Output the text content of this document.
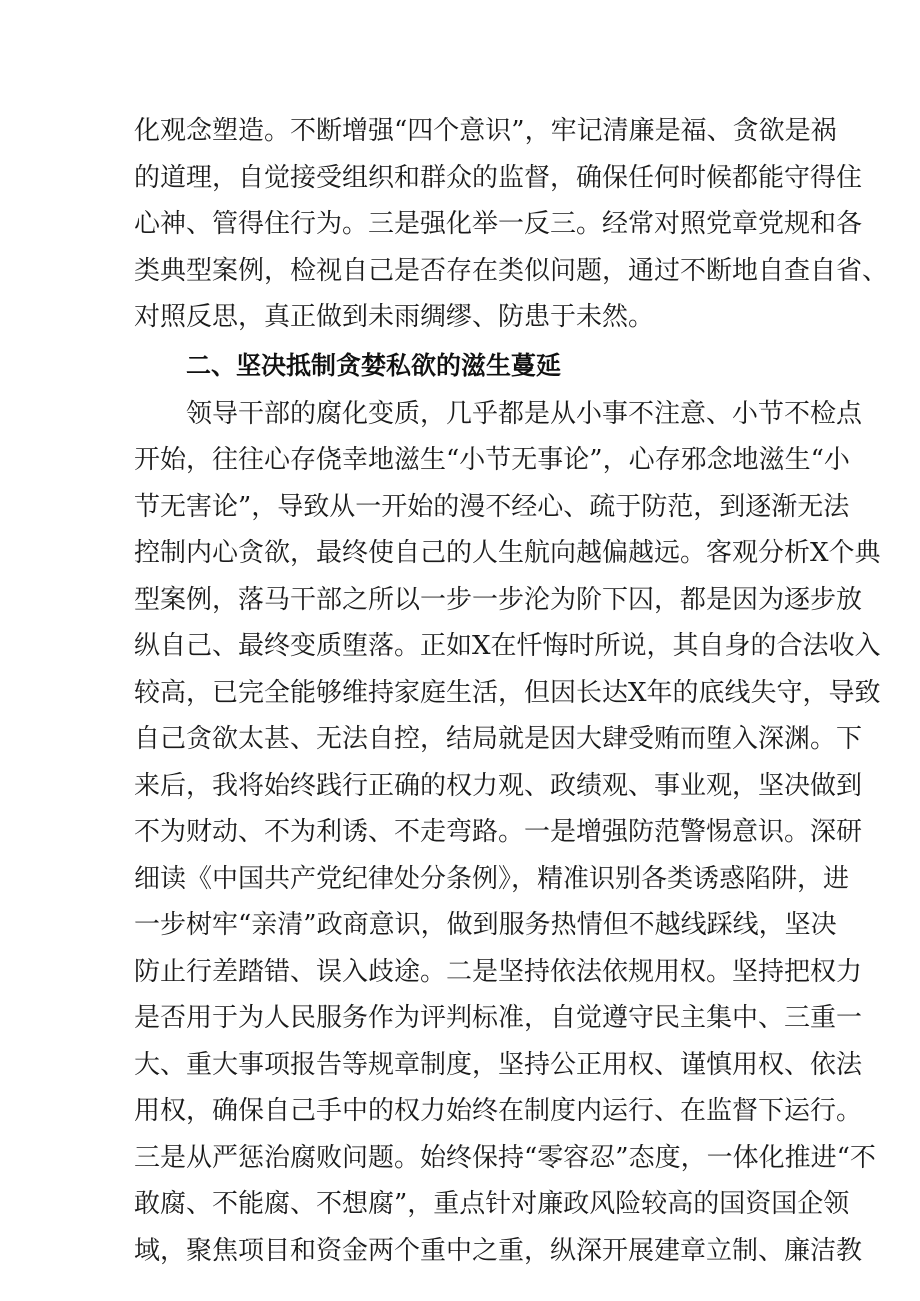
化观念塑造。不断增强“四个意识”，牢记清廉是福、贪欲是祸
的道理，自觉接受组织和群众的监督，确保任何时候都能守得住
心神、管得住行为。三是强化举一反三。经常对照党章党规和各
类典型案例，检视自己是否存在类似问题，通过不断地自查自省、
对照反思，真正做到未雨绸缪、防患于未然。
二、坚决抵制贪婪私欲的滋生蔓延
领导干部的腐化变质，几乎都是从小事不注意、小节不检点
开始，往往心存侥幸地滋生“小节无事论”，心存邪念地滋生“小
节无害论”，导致从一开始的漫不经心、疏于防范，到逐渐无法
控制内心贪欲，最终使自己的人生航向越偏越远。客观分析X个典
型案例，落马干部之所以一步一步沦为阶下囚，都是因为逐步放
纵自己、最终变质堕落。正如X在忏悔时所说，其自身的合法收入
较高，已完全能够维持家庭生活，但因长达X年的底线失守，导致
自己贪欲太甚、无法自控，结局就是因大肆受贿而堕入深渊。下
来后，我将始终践行正确的权力观、政绩观、事业观，坚决做到
不为财动、不为利诱、不走弯路。一是增强防范警惕意识。深研
细读《中国共产党纪律处分条例》，精准识别各类诱惑陷阱，进
一步树牢“亲清”政商意识，做到服务热情但不越线踩线，坚决
防止行差踏错、误入歧途。二是坚持依法依规用权。坚持把权力
是否用于为人民服务作为评判标准，自觉遵守民主集中、三重一
大、重大事项报告等规章制度，坚持公正用权、谨慎用权、依法
用权，确保自己手中的权力始终在制度内运行、在监督下运行。
三是从严惩治腐败问题。始终保持“零容忍”态度，一体化推进“不
敢腐、不能腐、不想腐”，重点针对廉政风险较高的国资国企领
域，聚焦项目和资金两个重中之重，纵深开展建章立制、廉洁教
